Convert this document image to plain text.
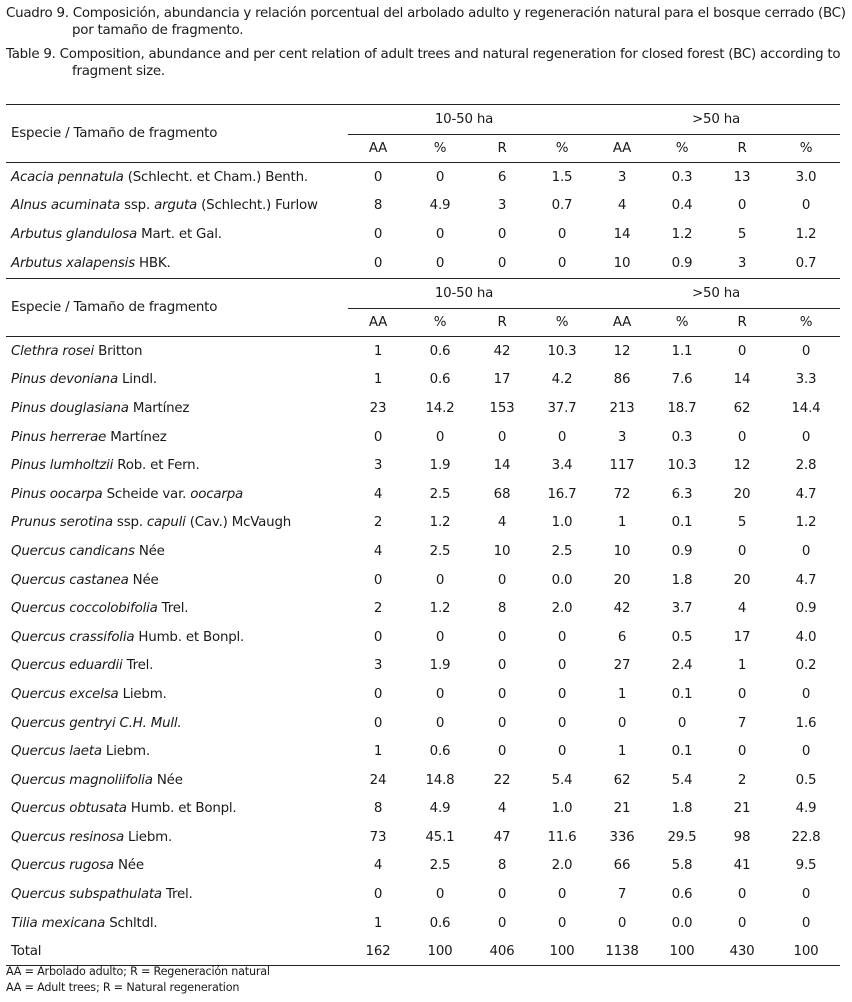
Cuadro 9. Composición, abundancia y relación porcentual del arbolado adulto y regeneración natural para el bosque cerrado (BC)
por tamaño de fragmento.
Table 9. Composition, abundance and per cent relation of adult trees and natural regeneration for closed forest (BC) according to
fragment size.
Especie / Tamaño de fragmento	10-50 ha				>50 ha			
	AA	%	R	%	AA	%	R	%
Acacia pennatula (Schlecht. et Cham.) Benth.	0	0	6	1.5	3	0.3	13	3.0
Alnus acuminata ssp. arguta (Schlecht.) Furlow	8	4.9	3	0.7	4	0.4	0	0
Arbutus glandulosa Mart. et Gal.	0	0	0	0	14	1.2	5	1.2
Arbutus xalapensis HBK.	0	0	0	0	10	0.9	3	0.7
Especie / Tamaño de fragmento	10-50 ha				>50 ha			
	AA	%	R	%	AA	%	R	%
Clethra rosei Britton	1	0.6	42	10.3	12	1.1	0	0
Pinus devoniana Lindl.	1	0.6	17	4.2	86	7.6	14	3.3
Pinus douglasiana Martínez	23	14.2	153	37.7	213	18.7	62	14.4
Pinus herrerae Martínez	0	0	0	0	3	0.3	0	0
Pinus lumholtzii Rob. et Fern.	3	1.9	14	3.4	117	10.3	12	2.8
Pinus oocarpa Scheide var. oocarpa	4	2.5	68	16.7	72	6.3	20	4.7
Prunus serotina ssp. capuli (Cav.) McVaugh	2	1.2	4	1.0	1	0.1	5	1.2
Quercus candicans Née	4	2.5	10	2.5	10	0.9	0	0
Quercus castanea Née	0	0	0	0.0	20	1.8	20	4.7
Quercus coccolobifolia Trel.	2	1.2	8	2.0	42	3.7	4	0.9
Quercus crassifolia Humb. et Bonpl.	0	0	0	0	6	0.5	17	4.0
Quercus eduardii Trel.	3	1.9	0	0	27	2.4	1	0.2
Quercus excelsa Liebm.	0	0	0	0	1	0.1	0	0
Quercus gentryi C.H. Mull.	0	0	0	0	0	0	7	1.6
Quercus laeta Liebm.	1	0.6	0	0	1	0.1	0	0
Quercus magnoliifolia Née	24	14.8	22	5.4	62	5.4	2	0.5
Quercus obtusata Humb. et Bonpl.	8	4.9	4	1.0	21	1.8	21	4.9
Quercus resinosa Liebm.	73	45.1	47	11.6	336	29.5	98	22.8
Quercus rugosa Née	4	2.5	8	2.0	66	5.8	41	9.5
Quercus subspathulata Trel.	0	0	0	0	7	0.6	0	0
Tilia mexicana Schltdl.	1	0.6	0	0	0	0.0	0	0
Total	162	100	406	100	1138	100	430	100
AA = Arbolado adulto; R = Regeneración natural
AA = Adult trees; R = Natural regeneration
